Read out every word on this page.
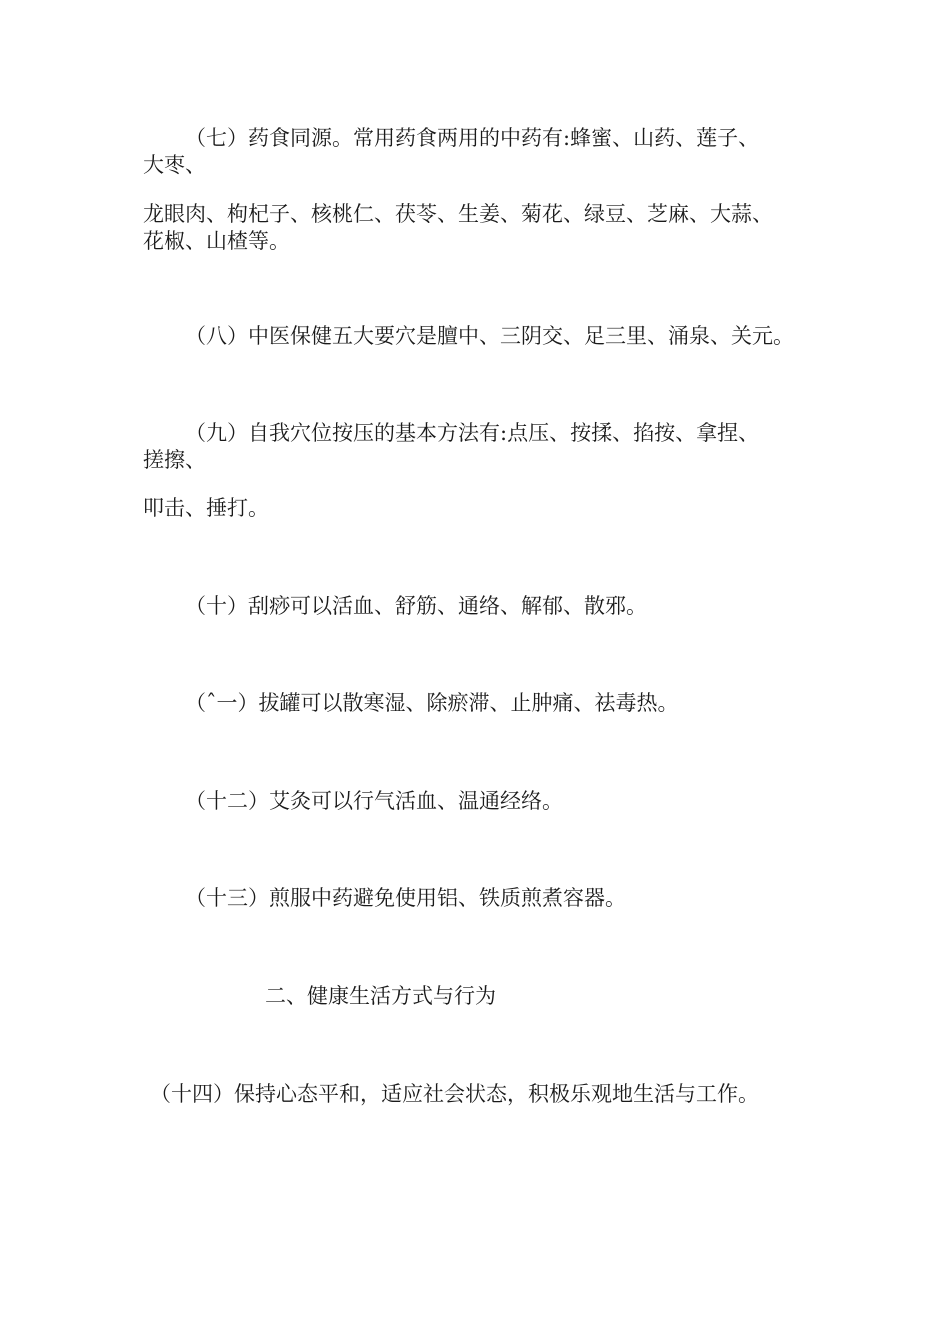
（七）药食同源。常用药食两用的中药有:蜂蜜、山药、莲子、
大枣、
龙眼肉、枸杞子、核桃仁、茯苓、生姜、菊花、绿豆、芝麻、大蒜、
花椒、山楂等。
（八）中医保健五大要穴是膻中、三阴交、足三里、涌泉、关元。
（九）自我穴位按压的基本方法有:点压、按揉、掐按、拿捏、
搓擦、
叩击、捶打。
（十）刮痧可以活血、舒筋、通络、解郁、散邪。
（ˆ一）拔罐可以散寒湿、除瘀滞、止肿痛、祛毒热。
（十二）艾灸可以行气活血、温通经络。
（十三）煎服中药避免使用铝、铁质煎煮容器。
二、健康生活方式与行为
（十四）保持心态平和，适应社会状态，积极乐观地生活与工作。
